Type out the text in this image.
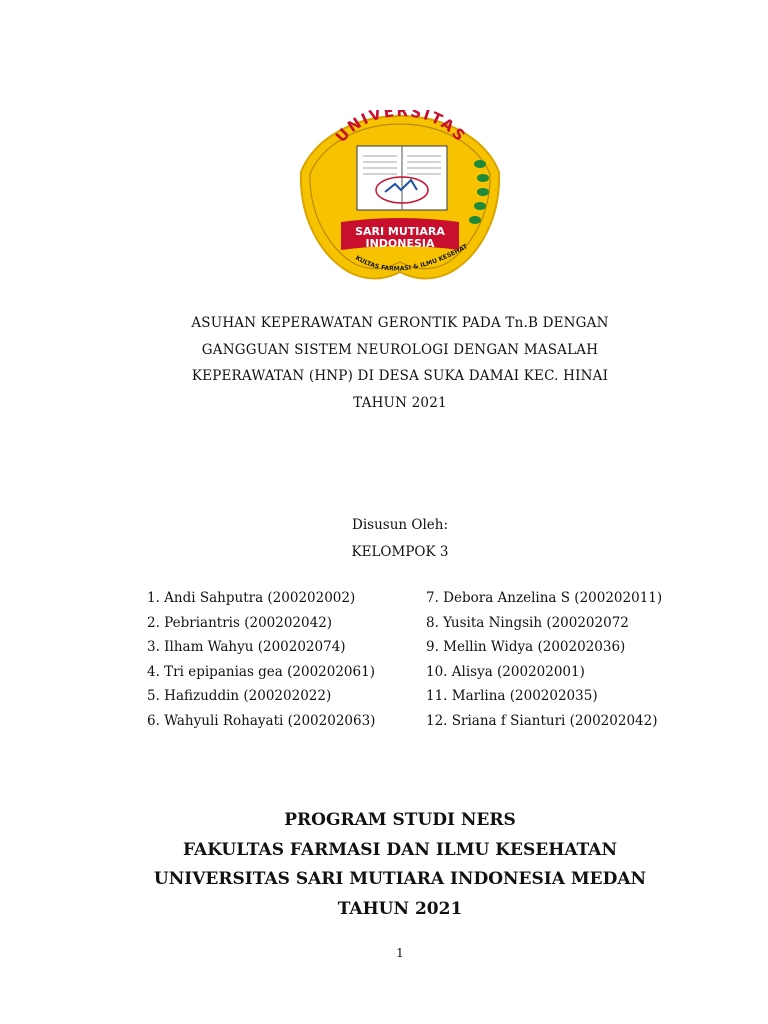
UNIVERSITAS
SARI MUTIARA
INDONESIA
KULTAS FARMASI & ILMU KESEHAT
ASUHAN KEPERAWATAN GERONTIK PADA Tn.B DENGAN
GANGGUAN SISTEM NEUROLOGI DENGAN MASALAH
KEPERAWATAN (HNP) DI DESA SUKA DAMAI KEC. HINAI
TAHUN 2021
Disusun Oleh:
KELOMPOK 3
1. Andi Sahputra (200202002)
2. Pebriantris (200202042)
3. Ilham Wahyu (200202074)
4. Tri epipanias gea (200202061)
5. Hafizuddin (200202022)
6. Wahyuli Rohayati (200202063)
7. Debora Anzelina S (200202011)
8. Yusita Ningsih (200202072
9. Mellin Widya (200202036)
10. Alisya (200202001)
11. Marlina (200202035)
12. Sriana f Sianturi (200202042)
PROGRAM STUDI NERS
FAKULTAS FARMASI DAN ILMU KESEHATAN
UNIVERSITAS SARI MUTIARA INDONESIA MEDAN
TAHUN 2021
1
